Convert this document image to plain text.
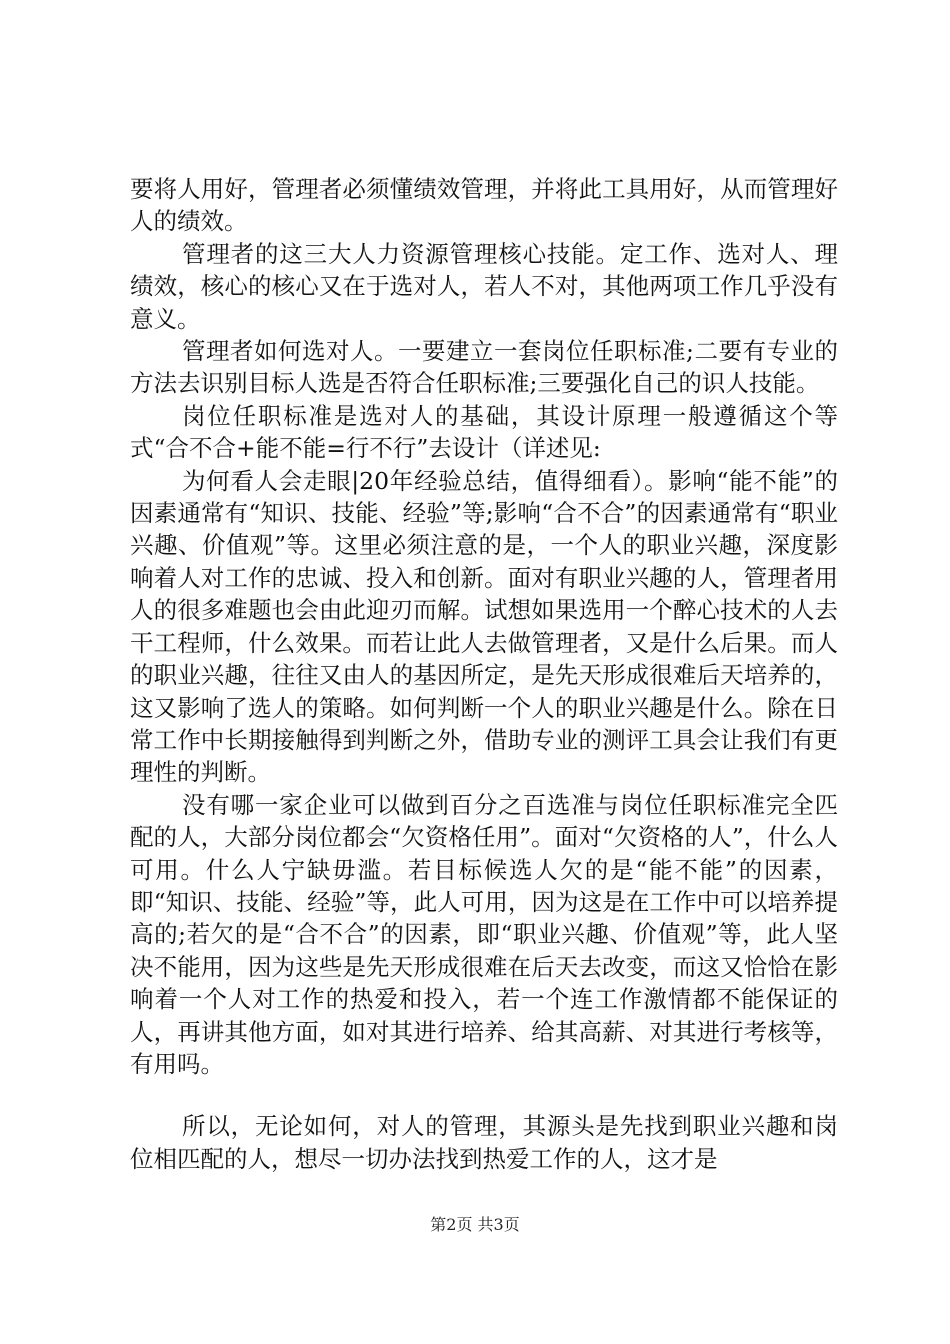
要将人用好，管理者必须懂绩效管理，并将此工具用好，从而管理好人的绩效。

管理者的这三大人力资源管理核心技能。定工作、选对人、理绩效，核心的核心又在于选对人，若人不对，其他两项工作几乎没有意义。

管理者如何选对人。一要建立一套岗位任职标准;二要有专业的方法去识别目标人选是否符合任职标准;三要强化自己的识人技能。

岗位任职标准是选对人的基础，其设计原理一般遵循这个等式“合不合+能不能=行不行”去设计（详述见:

为何看人会走眼|20年经验总结，值得细看）。影响“能不能”的因素通常有“知识、技能、经验”等;影响“合不合”的因素通常有“职业兴趣、价值观”等。这里必须注意的是，一个人的职业兴趣，深度影响着人对工作的忠诚、投入和创新。面对有职业兴趣的人，管理者用人的很多难题也会由此迎刃而解。试想如果选用一个醉心技术的人去干工程师，什么效果。而若让此人去做管理者，又是什么后果。而人的职业兴趣，往往又由人的基因所定，是先天形成很难后天培养的，这又影响了选人的策略。如何判断一个人的职业兴趣是什么。除在日常工作中长期接触得到判断之外，借助专业的测评工具会让我们有更理性的判断。

没有哪一家企业可以做到百分之百选准与岗位任职标准完全匹配的人，大部分岗位都会“欠资格任用”。面对“欠资格的人”，什么人可用。什么人宁缺毋滥。若目标候选人欠的是“能不能”的因素，即“知识、技能、经验”等，此人可用，因为这是在工作中可以培养提高的;若欠的是“合不合”的因素，即“职业兴趣、价值观”等，此人坚决不能用，因为这些是先天形成很难在后天去改变，而这又恰恰在影响着一个人对工作的热爱和投入，若一个连工作激情都不能保证的人，再讲其他方面，如对其进行培养、给其高薪、对其进行考核等，有用吗。

所以，无论如何，对人的管理，其源头是先找到职业兴趣和岗位相匹配的人，想尽一切办法找到热爱工作的人，这才是

第2页 共3页
